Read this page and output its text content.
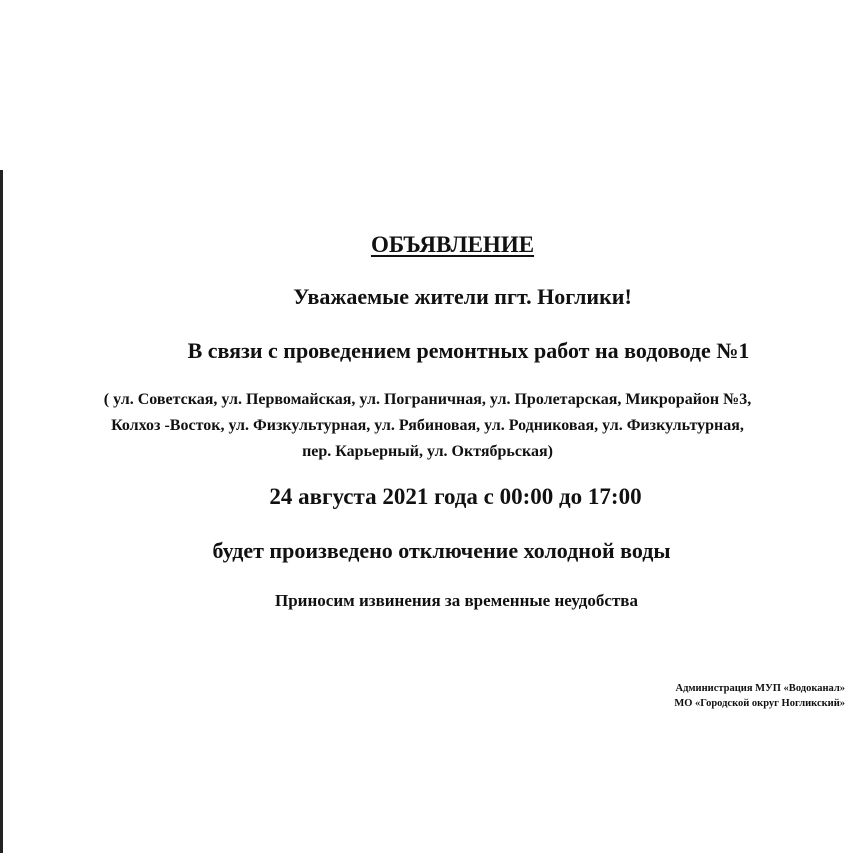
ОБЪЯВЛЕНИЕ
Уважаемые жители пгт. Ноглики!
В связи с проведением ремонтных работ на водоводе №1
( ул. Советская, ул. Первомайская, ул. Пограничная, ул. Пролетарская, Микрорайон №3,
Колхоз -Восток, ул. Физкультурная, ул. Рябиновая, ул. Родниковая, ул. Физкультурная,
пер. Карьерный, ул. Октябрьская)
24 августа 2021 года с 00:00 до 17:00
будет произведено отключение холодной воды
Приносим извинения за временные неудобства
Администрация МУП «Водоканал»
МО «Городской округ Ногликский»
